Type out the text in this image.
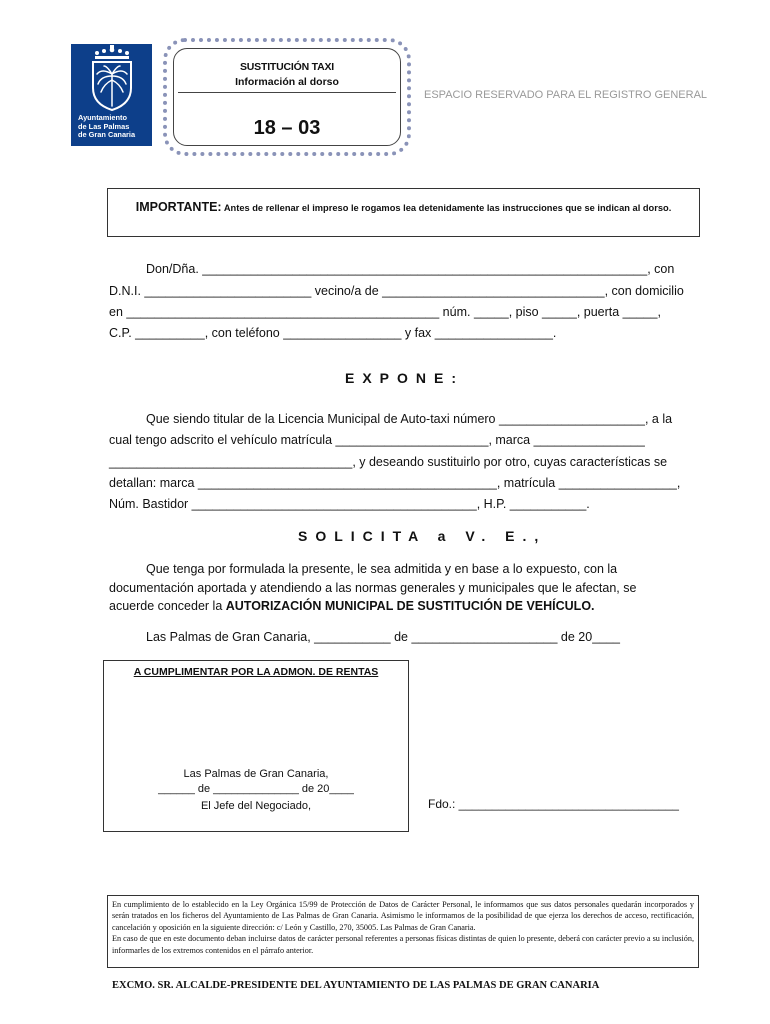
Ayuntamiento
de Las Palmas
de Gran Canaria
SUSTITUCIÓN TAXI
Información al dorso
18 – 03
ESPACIO RESERVADO PARA EL REGISTRO GENERAL
IMPORTANTE: Antes de rellenar el impreso le rogamos lea detenidamente las instrucciones que se indican al dorso.
Don/Dña. ________________________________________________________________, con
D.N.I. ________________________ vecino/a de ________________________________, con domicilio
en _____________________________________________ núm. _____, piso _____, puerta _____,
C.P. __________, con teléfono _________________ y fax _________________.
EXPONE:
Que siendo titular de la Licencia Municipal de Auto-taxi número _____________________, a la
cual tengo adscrito el vehículo matrícula ______________________, marca ________________
___________________________________, y deseando sustituirlo por otro, cuyas características se
detallan: marca ___________________________________________, matrícula _________________,
Núm. Bastidor _________________________________________, H.P. ___________.
SOLICITA a V. E.,
Que tenga por formulada la presente, le sea admitida y en base a lo expuesto, con la
documentación aportada y atendiendo a las normas generales y municipales que le afectan, se
acuerde conceder la AUTORIZACIÓN MUNICIPAL DE SUSTITUCIÓN DE VEHÍCULO.
Las Palmas de Gran Canaria, ___________ de _____________________ de 20____
A CUMPLIMENTAR POR LA ADMON. DE RENTAS
Las Palmas de Gran Canaria,
______ de ______________ de 20____
El Jefe del Negociado,	Fdo.: _________________________________

En cumplimiento de lo establecido en la Ley Orgánica 15/99 de Protección de Datos de Carácter Personal, le informamos que sus datos personales quedarán incorporados y serán tratados en los ficheros del Ayuntamiento de Las Palmas de Gran Canaria. Asimismo le informamos de la posibilidad de que ejerza los derechos de acceso, rectificación, cancelación y oposición en la siguiente dirección: c/ León y Castillo, 270, 35005. Las Palmas de Gran Canaria.

En caso de que en este documento deban incluirse datos de carácter personal referentes a personas físicas distintas de quien lo presente, deberá con carácter previo a su inclusión, informarles de los extremos contenidos en el párrafo anterior.

EXCMO. SR. ALCALDE-PRESIDENTE DEL AYUNTAMIENTO DE LAS PALMAS DE GRAN CANARIA
